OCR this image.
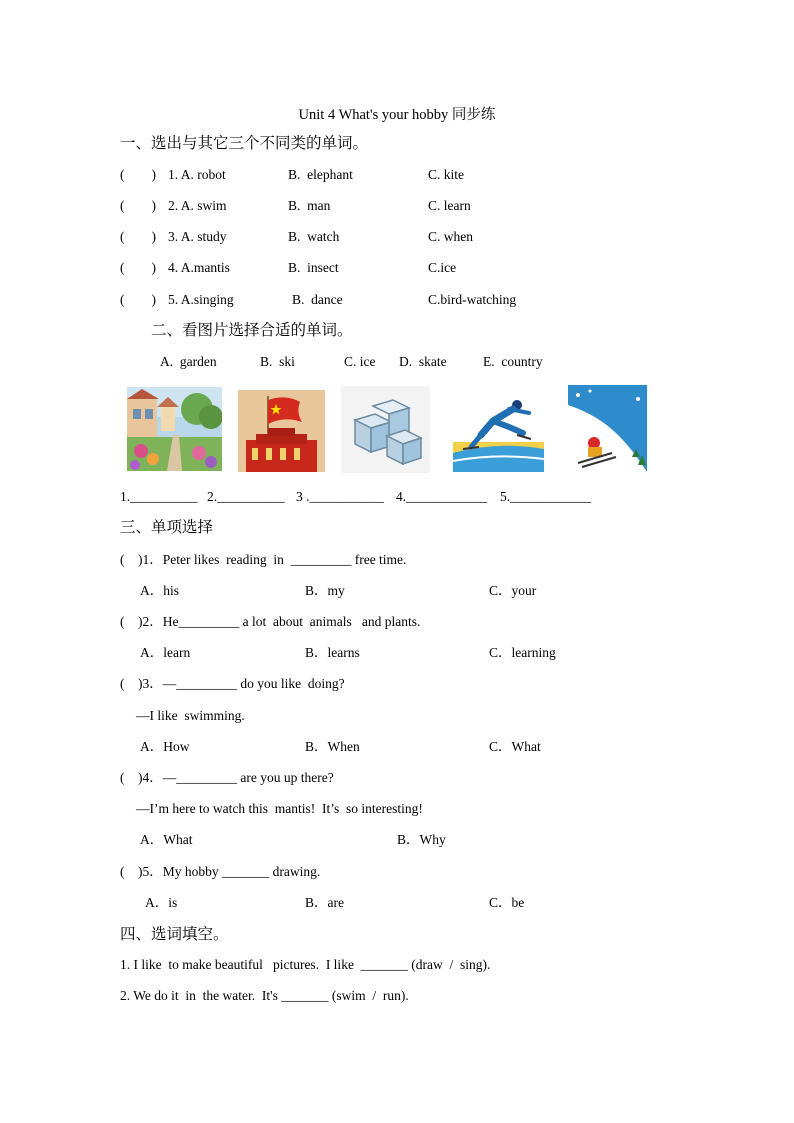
Unit 4 What's your hobby 同步练
一、选出与其它三个不同类的单词。
(        ) 1. A. robot	B.  elephant	C. kite
(        ) 2. A. swim	B.  man	C. learn
(        ) 3. A. study	B.  watch	C. when
(        ) 4. A.mantis	B.  insect	C.ice
(        ) 5. A.singing	B.  dance	C.bird-watching
二、看图片选择合适的单词。
A.  garden	B.  ski	C. ice D.  skate	E.  country
1.__________ 2.__________ 3 .___________ 4.____________ 5.____________
三、单项选择
(    )1．Peter likes  reading  in  _________ free time.
A．his	B．my	C．your
(    )2．He_________ a lot  about  animals   and plants.
A．learn	B．learns	C．learning
(    )3．—_________ do you like  doing?
—I like  swimming.
A．How	B．When	C．What
(    )4．—_________ are you up there?
—I’m here to watch this  mantis!  It’s  so interesting!
A．What	B．Why
(    )5．My hobby _______ drawing.
A．is	B．are	C．be
四、选词填空。
1. I like  to make beautiful   pictures.  I like  _______ (draw  /  sing).
2. We do it  in  the water.  It's _______ (swim  /  run).
